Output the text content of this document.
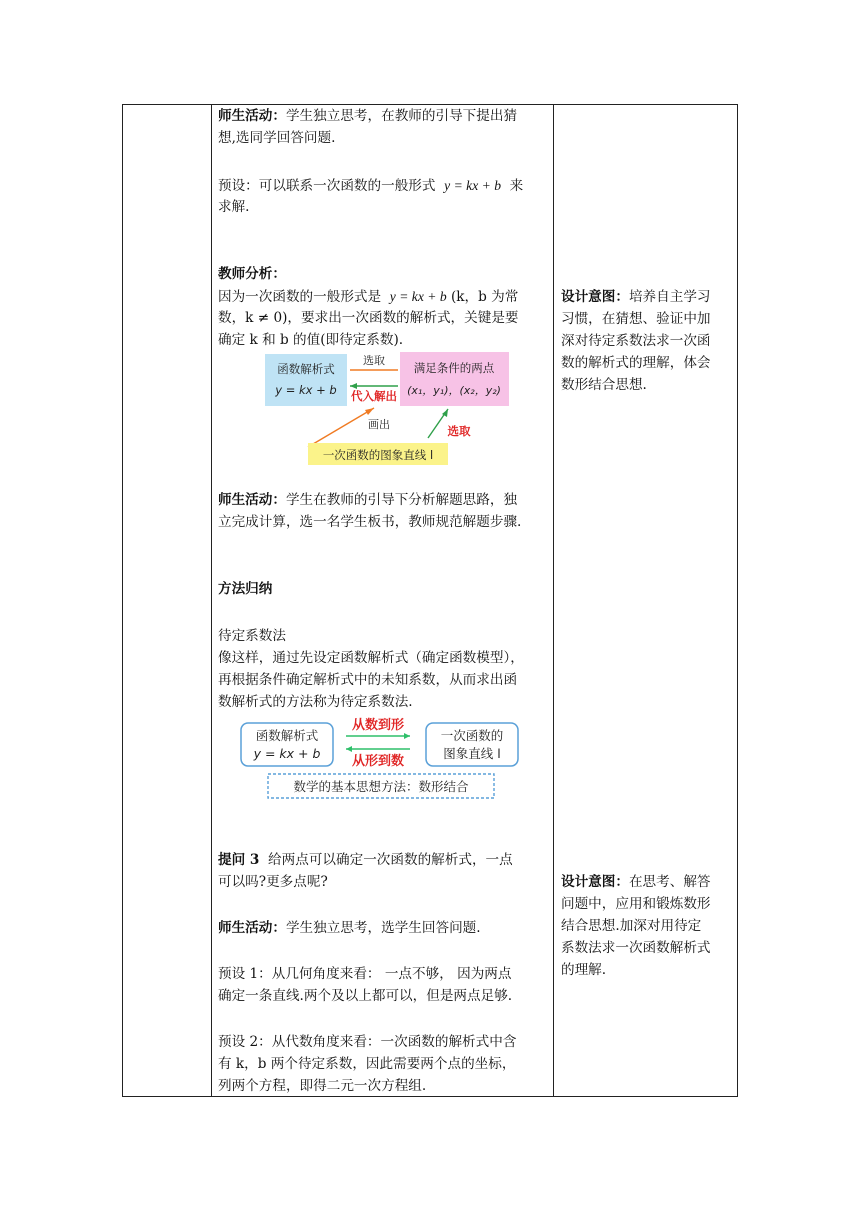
师生活动：学生独立思考，在教师的引导下提出猜
想,选同学回答问题.
预设：可以联系一次函数的一般形式 y = kx + b 来
求解.
教师分析：
因为一次函数的一般形式是 y = kx + b (k，b 为常
数，k ≠ 0)，要求出一次函数的解析式，关键是要
确定 k 和 b 的值(即待定系数).
函数解析式
y = kx + b
满足条件的两点
(x₁，y₁)，(x₂，y₂)
选取
代入解出
画出	选取
一次函数的图象直线 l
师生活动：学生在教师的引导下分析解题思路，独
立完成计算，选一名学生板书，教师规范解题步骤.
方法归纳
待定系数法
像这样，通过先设定函数解析式（确定函数模型），
再根据条件确定解析式中的未知系数，从而求出函
数解析式的方法称为待定系数法.
函数解析式
y = kx + b
从数到形
从形到数
一次函数的
图象直线 l
数学的基本思想方法：数形结合
提问 3 给两点可以确定一次函数的解析式，一点
可以吗?更多点呢?
师生活动：学生独立思考，选学生回答问题.
预设 1：从几何角度来看： 一点不够， 因为两点
确定一条直线.两个及以上都可以，但是两点足够.
预设 2：从代数角度来看：一次函数的解析式中含
有 k，b 两个待定系数，因此需要两个点的坐标，
列两个方程，即得二元一次方程组.
设计意图：培养自主学习
习惯，在猜想、验证中加
深对待定系数法求一次函
数的解析式的理解，体会
数形结合思想.
设计意图：在思考、解答
问题中，应用和锻炼数形
结合思想.加深对用待定
系数法求一次函数解析式
的理解.
